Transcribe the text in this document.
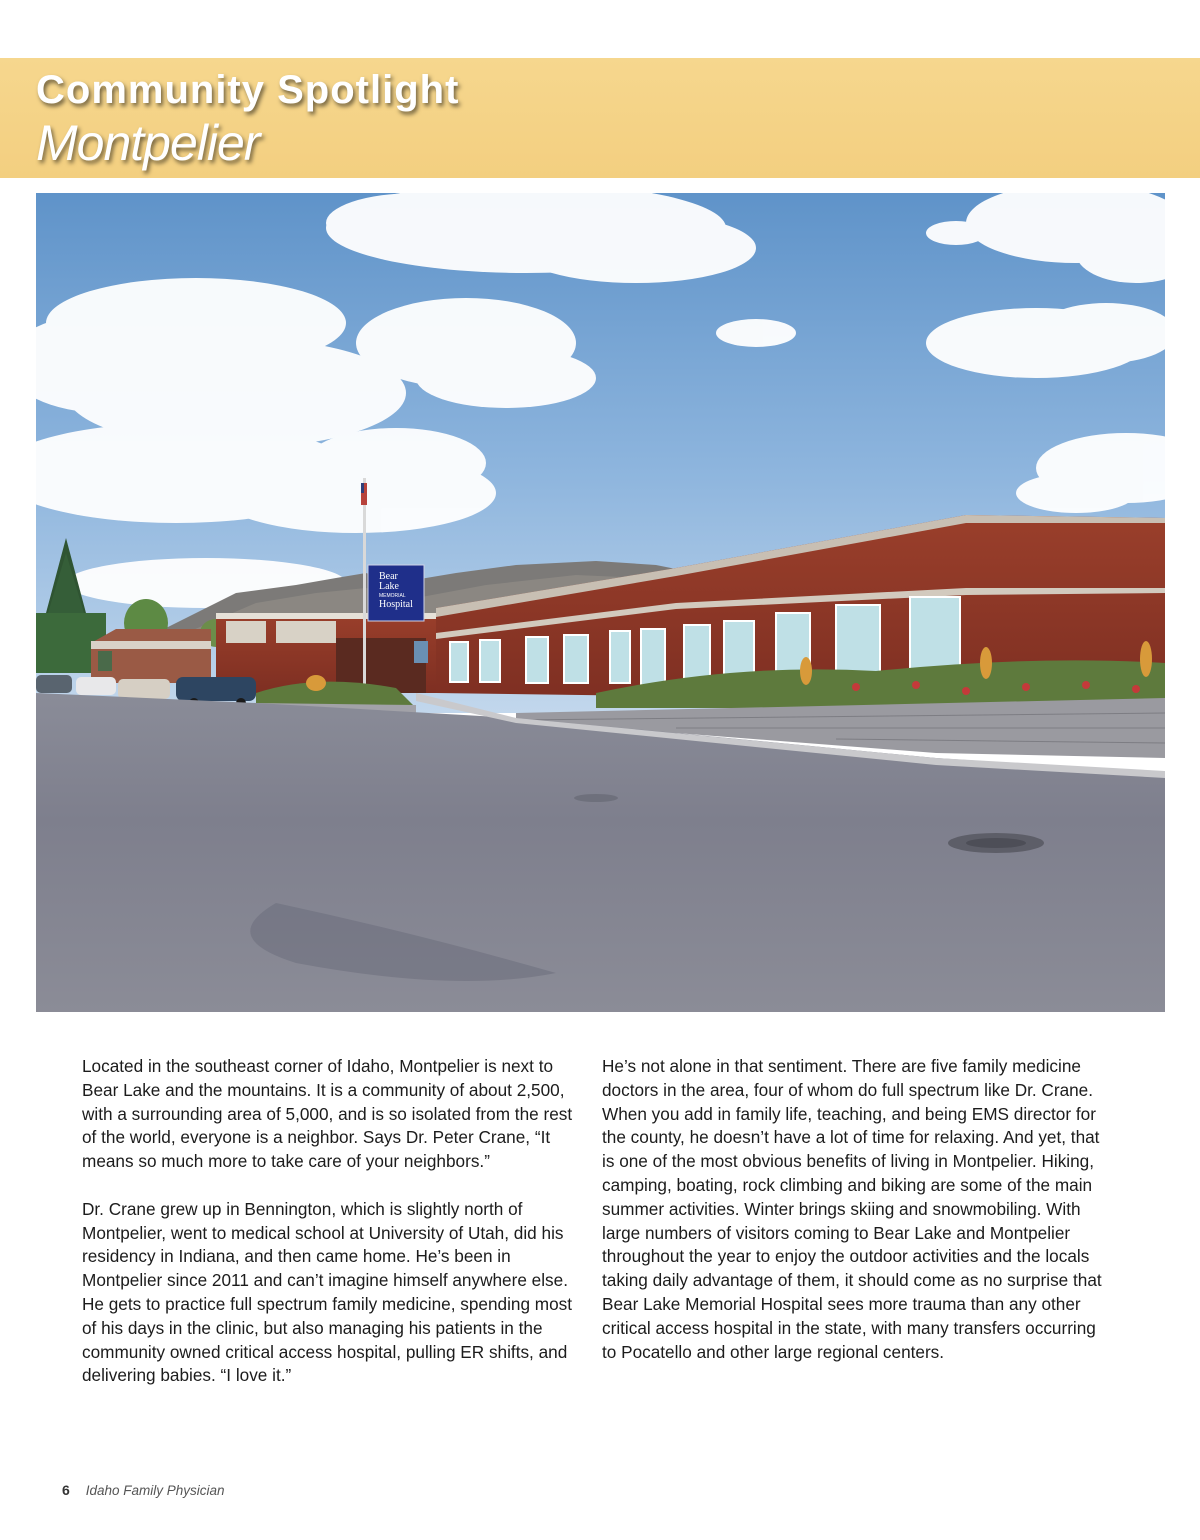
Community Spotlight
Montpelier
Bear
Lake
MEMORIAL
Hospital

Located in the southeast corner of Idaho, Montpelier is next to Bear Lake and the mountains. It is a community of about 2,500, with a surrounding area of 5,000, and is so isolated from the rest of the world, everyone is a neighbor. Says Dr. Peter Crane, “It means so much more to take care of your neighbors.”

Dr. Crane grew up in Bennington, which is slightly north of Montpelier, went to medical school at University of Utah, did his residency in Indiana, and then came home. He’s been in Montpelier since 2011 and can’t imagine himself anywhere else. He gets to practice full spectrum family medicine, spending most of his days in the clinic, but also managing his patients in the community owned critical access hospital, pulling ER shifts, and delivering babies. “I love it.”

He’s not alone in that sentiment. There are five family medicine doctors in the area, four of whom do full spectrum like Dr. Crane. When you add in family life, teaching, and being EMS director for the county, he doesn’t have a lot of time for relaxing. And yet, that is one of the most obvious benefits of living in Montpelier. Hiking, camping, boating, rock climbing and biking are some of the main summer activities. Winter brings skiing and snowmobiling. With large numbers of visitors coming to Bear Lake and Montpelier throughout the year to enjoy the outdoor activities and the locals taking daily advantage of them, it should come as no surprise that Bear Lake Memorial Hospital sees more trauma than any other critical access hospital in the state, with many transfers occurring to Pocatello and other large regional centers.

6 Idaho Family Physician
